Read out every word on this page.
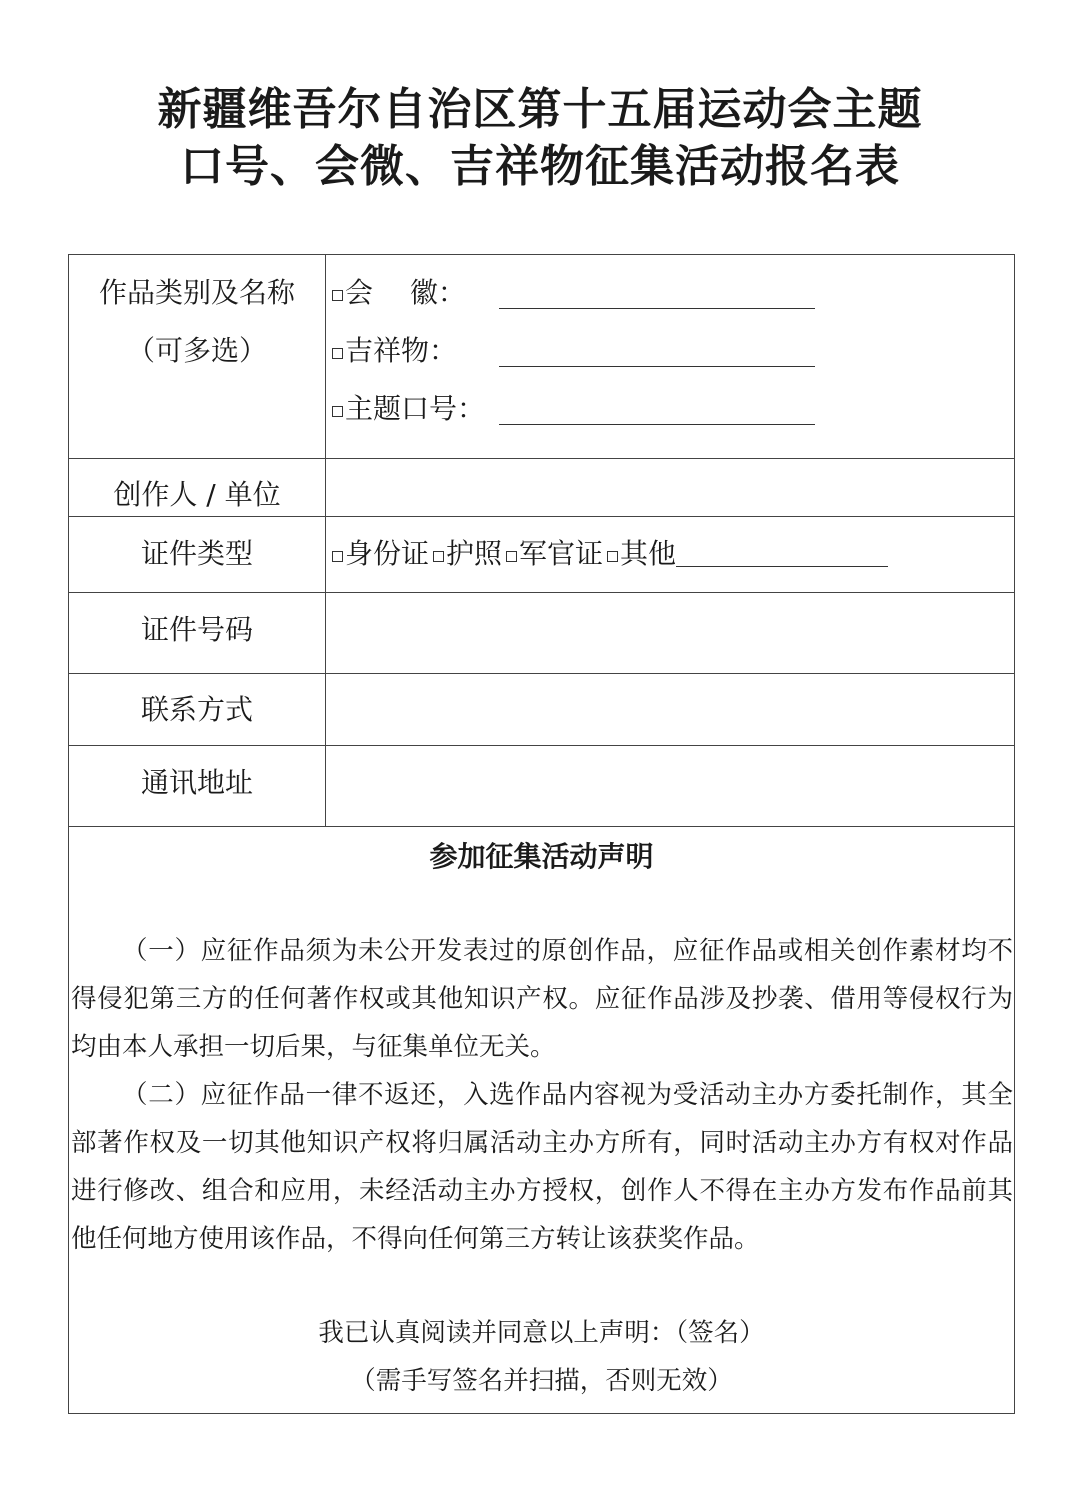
新疆维吾尔自治区第十五届运动会主题
口号、会微、吉祥物征集活动报名表
作品类别及名称
（可多选）
会　 徽：
吉祥物：
主题口号：
创作人 / 单位
证件类型	身份证 护照 军官证 其他
证件号码
联系方式
通讯地址
参加征集活动声明

（一）应征作品须为未公开发表过的原创作品，应征作品或相关创作素材均不得侵犯第三方的任何著作权或其他知识产权。应征作品涉及抄袭、借用等侵权行为均由本人承担一切后果，与征集单位无关。

（二）应征作品一律不返还，入选作品内容视为受活动主办方委托制作，其全部著作权及一切其他知识产权将归属活动主办方所有，同时活动主办方有权对作品进行修改、组合和应用，未经活动主办方授权，创作人不得在主办方发布作品前其他任何地方使用该作品，不得向任何第三方转让该获奖作品。

我已认真阅读并同意以上声明：（签名）
（需手写签名并扫描，否则无效）
